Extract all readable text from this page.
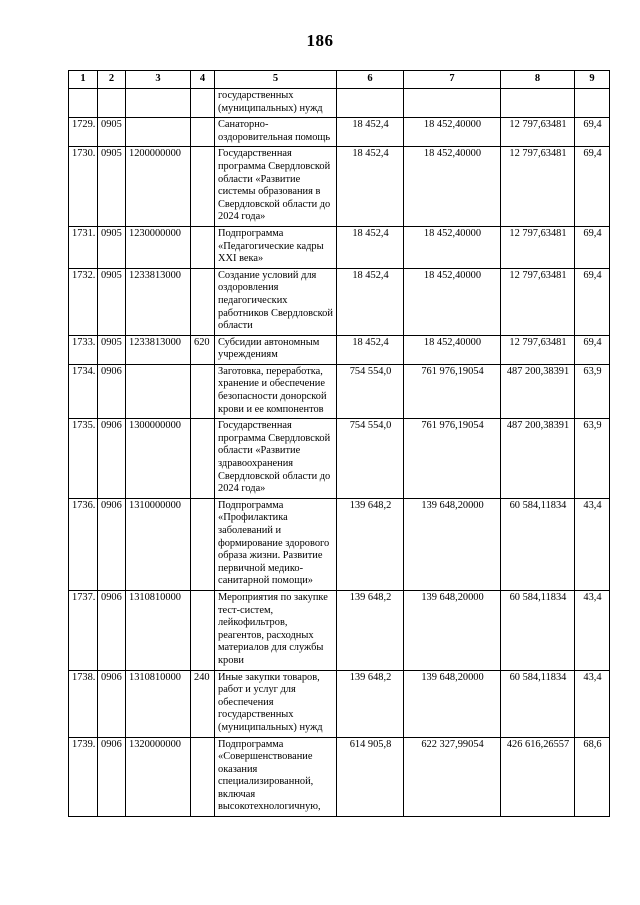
186
1	2	3	4	5	6	7	8	9
				государственных (муниципальных) нужд				
1729.	0905			Санаторно-оздоровительная помощь	18 452,4	18 452,40000	12 797,63481	69,4
1730.	0905	1200000000		Государственная программа Свердловской области «Развитие системы образования в Свердловской области до 2024 года»	18 452,4	18 452,40000	12 797,63481	69,4
1731.	0905	1230000000		Подпрограмма «Педагогические кадры XXI века»	18 452,4	18 452,40000	12 797,63481	69,4
1732.	0905	1233813000		Создание условий для оздоровления педагогических работников Свердловской области	18 452,4	18 452,40000	12 797,63481	69,4
1733.	0905	1233813000	620	Субсидии автономным учреждениям	18 452,4	18 452,40000	12 797,63481	69,4
1734.	0906			Заготовка, переработка, хранение и обеспечение безопасности донорской крови и ее компонентов	754 554,0	761 976,19054	487 200,38391	63,9
1735.	0906	1300000000		Государственная программа Свердловской области «Развитие здравоохранения Свердловской области до 2024 года»	754 554,0	761 976,19054	487 200,38391	63,9
1736.	0906	1310000000		Подпрограмма «Профилактика заболеваний и формирование здорового образа жизни. Развитие первичной медико-санитарной помощи»	139 648,2	139 648,20000	60 584,11834	43,4
1737.	0906	1310810000		Мероприятия по закупке тест-систем, лейкофильтров, реагентов, расходных материалов для службы крови	139 648,2	139 648,20000	60 584,11834	43,4
1738.	0906	1310810000	240	Иные закупки товаров, работ и услуг для обеспечения государственных (муниципальных) нужд	139 648,2	139 648,20000	60 584,11834	43,4
1739.	0906	1320000000		Подпрограмма «Совершенствование оказания специализированной, включая высокотехнологичную,	614 905,8	622 327,99054	426 616,26557	68,6
